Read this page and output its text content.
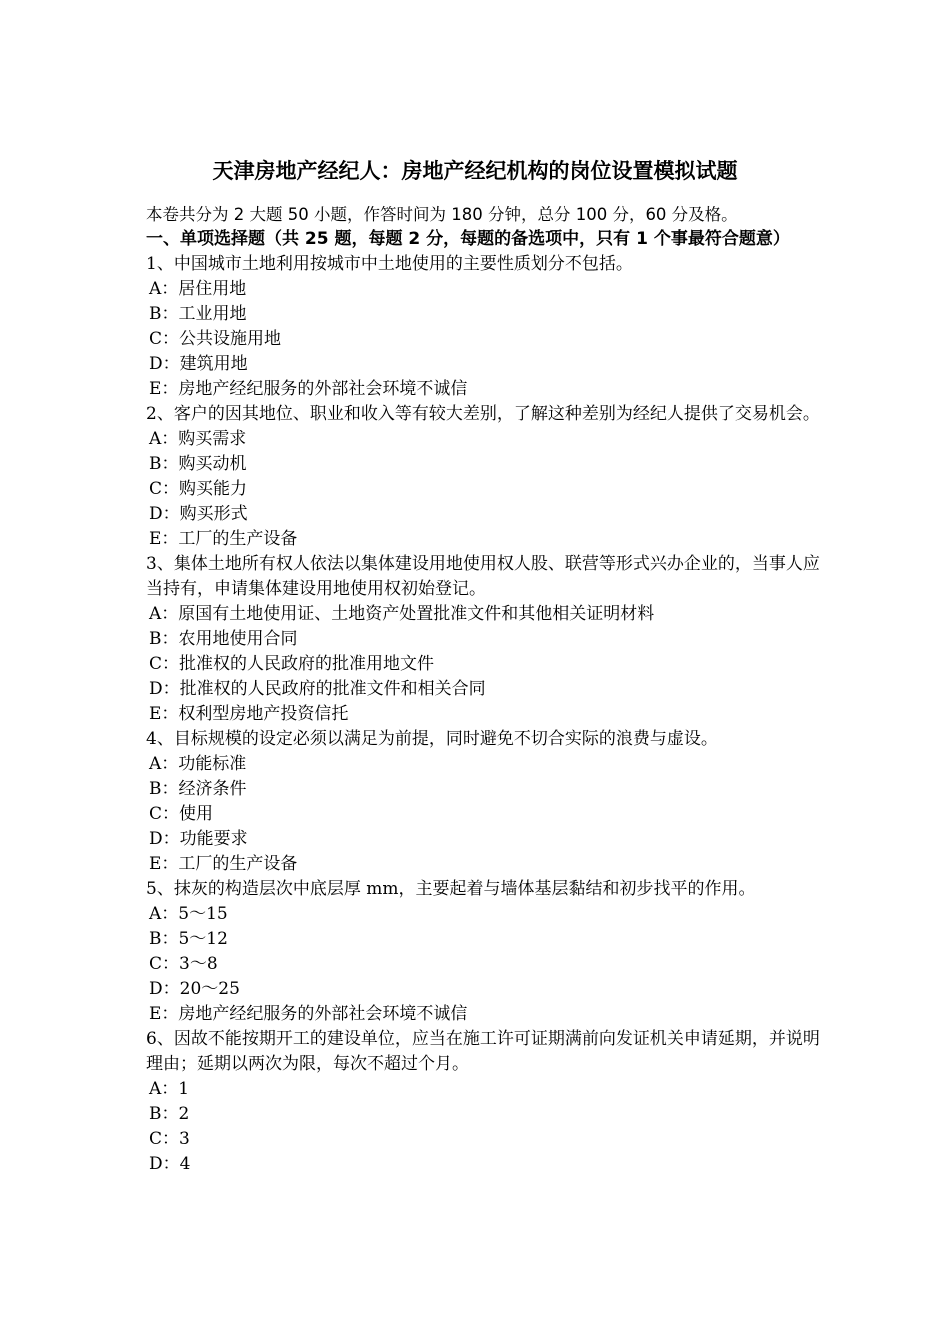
天津房地产经纪人：房地产经纪机构的岗位设置模拟试题
本卷共分为 2 大题 50 小题，作答时间为 180 分钟，总分 100 分，60 分及格。
一、单项选择题（共 25 题，每题 2 分，每题的备选项中，只有 1 个事最符合题意）
1、中国城市土地利用按城市中土地使用的主要性质划分不包括。
A：居住用地
B：工业用地
C：公共设施用地
D：建筑用地
E：房地产经纪服务的外部社会环境不诚信
2、客户的因其地位、职业和收入等有较大差别，了解这种差别为经纪人提供了交易机会。
A：购买需求
B：购买动机
C：购买能力
D：购买形式
E：工厂的生产设备
3、集体土地所有权人依法以集体建设用地使用权人股、联营等形式兴办企业的，当事人应当持有，申请集体建设用地使用权初始登记。
A：原国有土地使用证、土地资产处置批准文件和其他相关证明材料
B：农用地使用合同
C：批准权的人民政府的批准用地文件
D：批准权的人民政府的批准文件和相关合同
E：权利型房地产投资信托
4、目标规模的设定必须以满足为前提，同时避免不切合实际的浪费与虚设。
A：功能标准
B：经济条件
C：使用
D：功能要求
E：工厂的生产设备
5、抹灰的构造层次中底层厚 mm，主要起着与墙体基层黏结和初步找平的作用。
A：5～15
B：5～12
C：3～8
D：20～25
E：房地产经纪服务的外部社会环境不诚信
6、因故不能按期开工的建设单位，应当在施工许可证期满前向发证机关申请延期，并说明理由；延期以两次为限，每次不超过个月。
A：1
B：2
C：3
D：4
